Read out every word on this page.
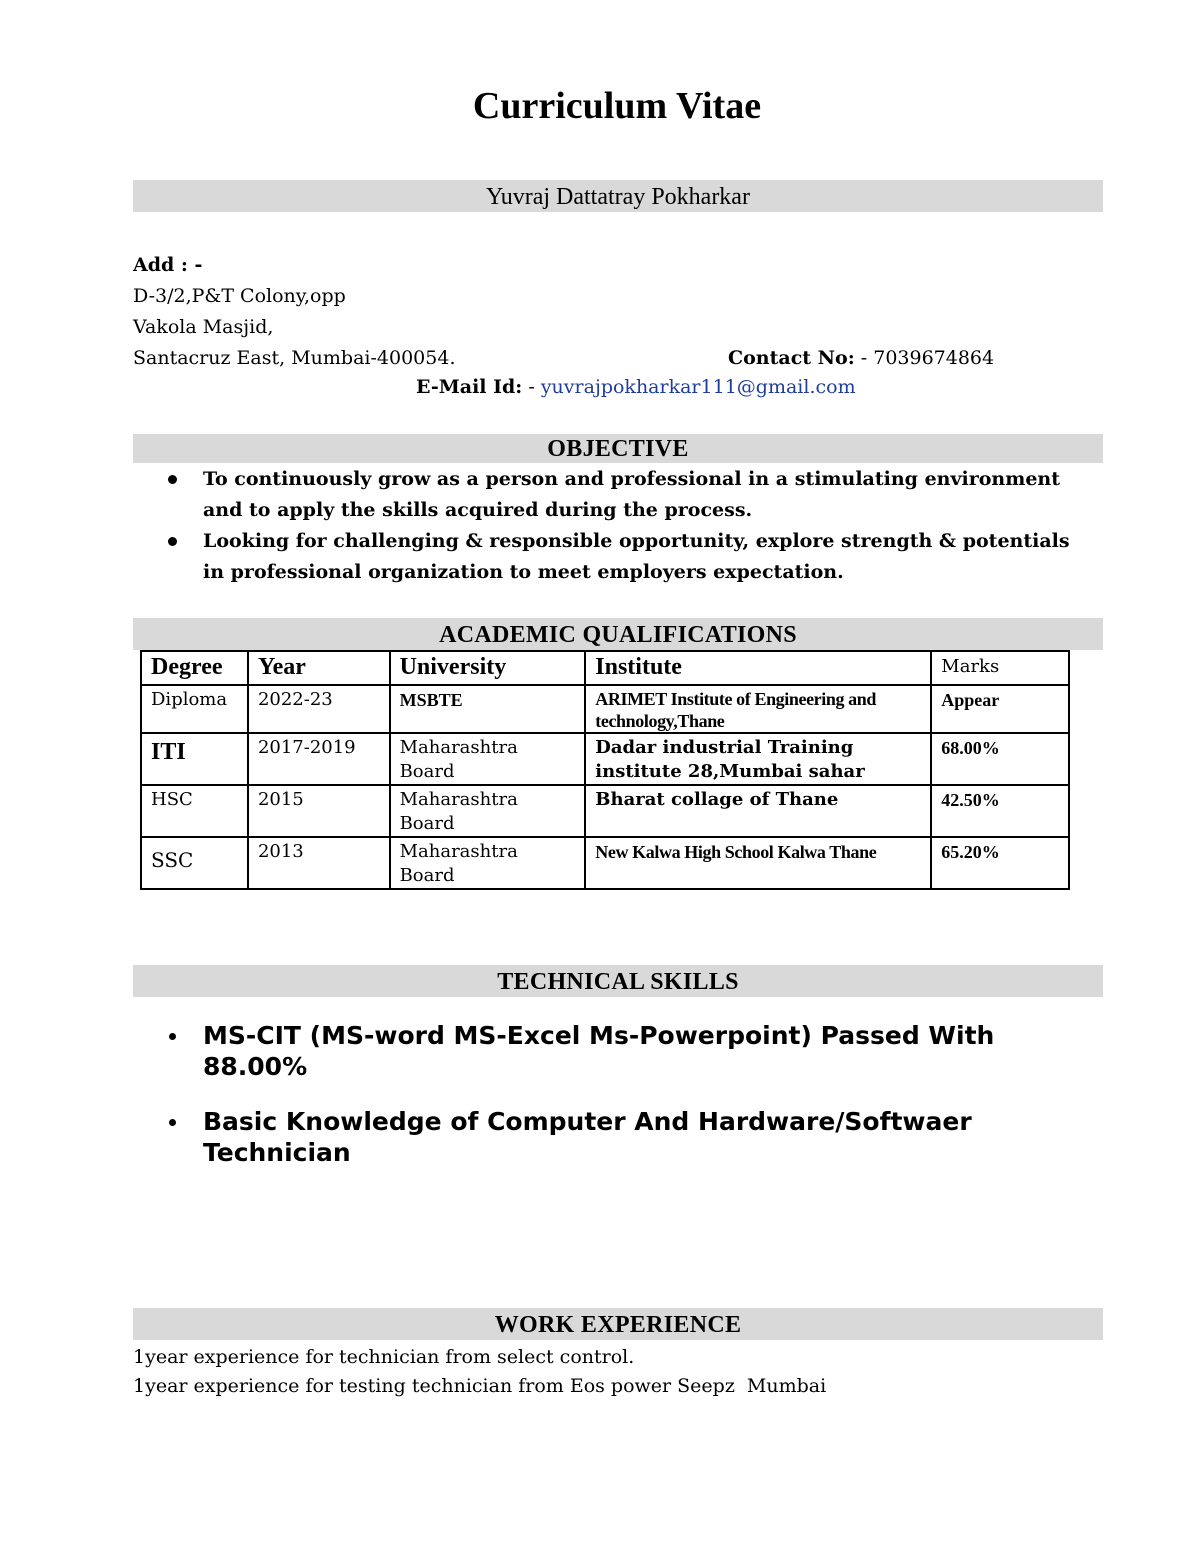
Curriculum Vitae
Yuvraj Dattatray Pokharkar
Add : -
D-3/2,P&T Colony,opp
Vakola Masjid,
Santacruz East, Mumbai-400054.	Contact No: - 7039674864
E-Mail Id: - yuvrajpokharkar111@gmail.com
OBJECTIVE
To continuously grow as a person and professional in a stimulating environment and to apply the skills acquired during the process.
Looking for challenging & responsible opportunity, explore strength & potentials in professional organization to meet employers expectation.
ACADEMIC QUALIFICATIONS
Degree	Year	University	Institute	Marks
Diploma	2022-23	MSBTE	ARIMET Institute of Engineering and technology,Thane	Appear
ITI	2017-2019	Maharashtra Board	Dadar industrial Training institute 28,Mumbai sahar	68.00%
HSC	2015	Maharashtra Board	Bharat collage of Thane	42.50%
SSC	2013	Maharashtra Board	New Kalwa High School Kalwa Thane	65.20%
TECHNICAL SKILLS
MS-CIT (MS-word MS-Excel Ms-Powerpoint) Passed With 88.00%
Basic Knowledge of Computer And Hardware/Softwaer Technician
WORK EXPERIENCE
1year experience for technician from select control.
1year experience for testing technician from Eos power Seepz  Mumbai
